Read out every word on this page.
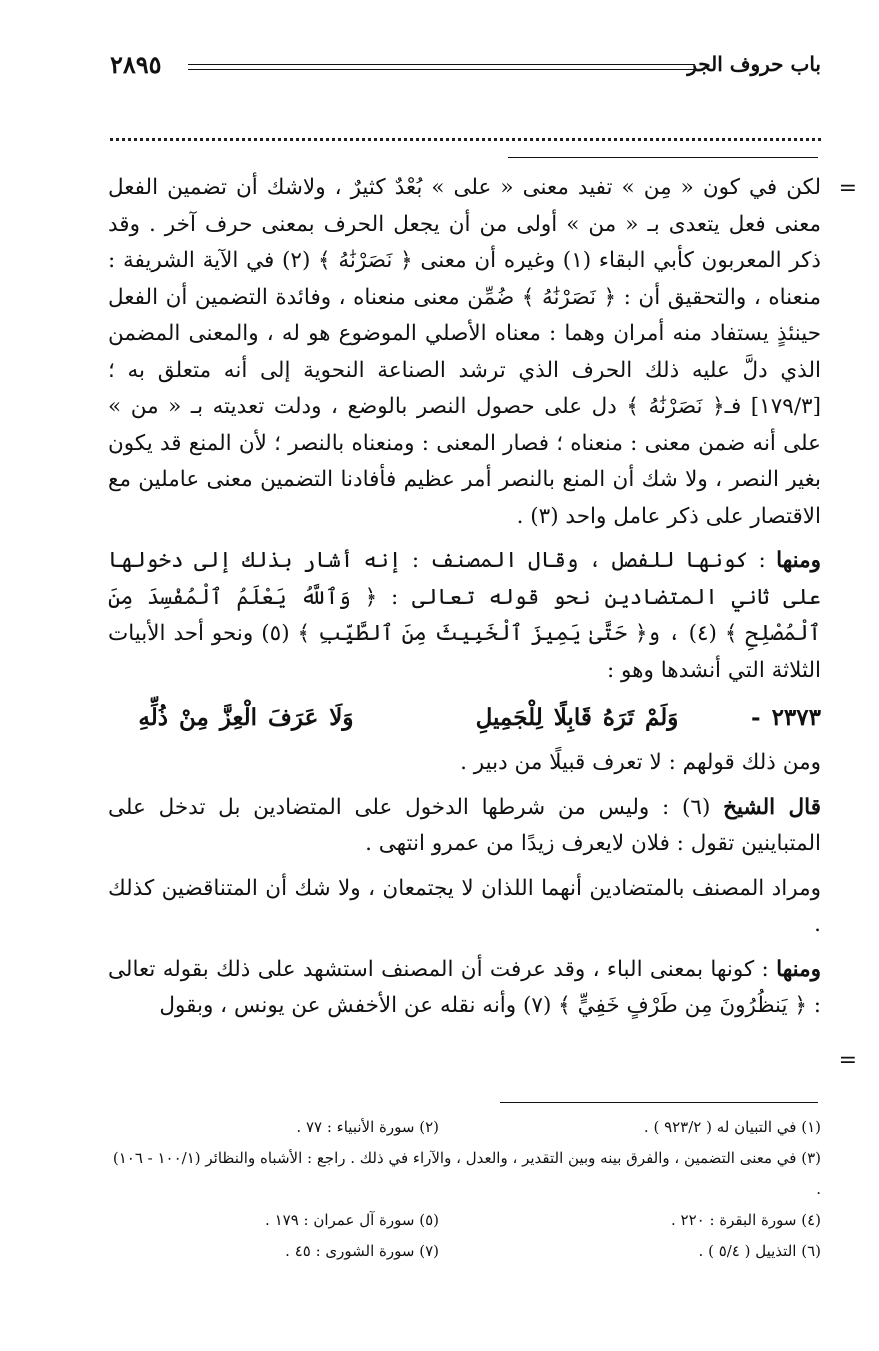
باب حروف الجر
٢٨٩٥
=
=

لكن في كون « مِن » تفيد معنى « على » بُعْدٌ كثيرٌ ، ولاشك أن تضمين الفعل معنى فعل يتعدى بـ « من » أولى من أن يجعل الحرف بمعنى حرف آخر . وقد ذكر المعربون كأبي البقاء (١) وغيره أن معنى ﴿ نَصَرْنَٰهُ ﴾ (٢) في الآية الشريفة : منعناه ، والتحقيق أن : ﴿ نَصَرْنَٰهُ ﴾ ضُمِّن معنى منعناه ، وفائدة التضمين أن الفعل حينئذٍ يستفاد منه أمران وهما : معناه الأصلي الموضوع هو له ، والمعنى المضمن الذي دلَّ عليه ذلك الحرف الذي ترشد الصناعة النحوية إلى أنه متعلق به ؛ [١٧٩/٣] فـ﴿ نَصَرْنَٰهُ ﴾ دل على حصول النصر بالوضع ، ودلت تعديته بـ « من » على أنه ضمن معنى : منعناه ؛ فصار المعنى : ومنعناه بالنصر ؛ لأن المنع قد يكون بغير النصر ، ولا شك أن المنع بالنصر أمر عظيم فأفادنا التضمين معنى عاملين مع الاقتصار على ذكر عامل واحد (٣) .

ومنها : كونها للفصل ، وقال المصنف : إنه أشار بذلك إلى دخولها على ثاني المتضادين نحو قوله تعالى : ﴿ وَٱللَّهُ يَعْلَمُ ٱلْمُفْسِدَ مِنَ ٱلْمُصْلِحِ ﴾ (٤) ، و﴿ حَتَّىٰ يَمِيزَ ٱلْخَبِيثَ مِنَ ٱلطَّيِّبِ ﴾ (٥) ونحو أحد الأبيات الثلاثة التي أنشدها وهو :

٢٣٧٣ - وَلَمْ تَرَهُ قَابِلًا لِلْجَمِيلِ وَلَا عَرَفَ الْعِزَّ مِنْ ذُلِّهِ

ومن ذلك قولهم : لا تعرف قبيلًا من دبير .

قال الشيخ (٦) : وليس من شرطها الدخول على المتضادين بل تدخل على المتباينين تقول : فلان لايعرف زيدًا من عمرو انتهى .

ومراد المصنف بالمتضادين أنهما اللذان لا يجتمعان ، ولا شك أن المتناقضين كذلك .

ومنها : كونها بمعنى الباء ، وقد عرفت أن المصنف استشهد على ذلك بقوله تعالى : ﴿ يَنظُرُونَ مِن طَرْفٍ خَفِيٍّ ﴾ (٧) وأنه نقله عن الأخفش عن يونس ، وبقول

(١) في التبيان له ( ٩٢٣/٢ ) .
(٢) سورة الأنبياء : ٧٧ .
(٣) في معنى التضمين ، والفرق بينه وبين التقدير ، والعدل ، والآراء في ذلك . راجع : الأشباه والنظائر (١٠٠/١ - ١٠٦) .
(٤) سورة البقرة : ٢٢٠ .
(٥) سورة آل عمران : ١٧٩ .
(٦) التذييل ( ٥/٤ ) .
(٧) سورة الشورى : ٤٥ .
